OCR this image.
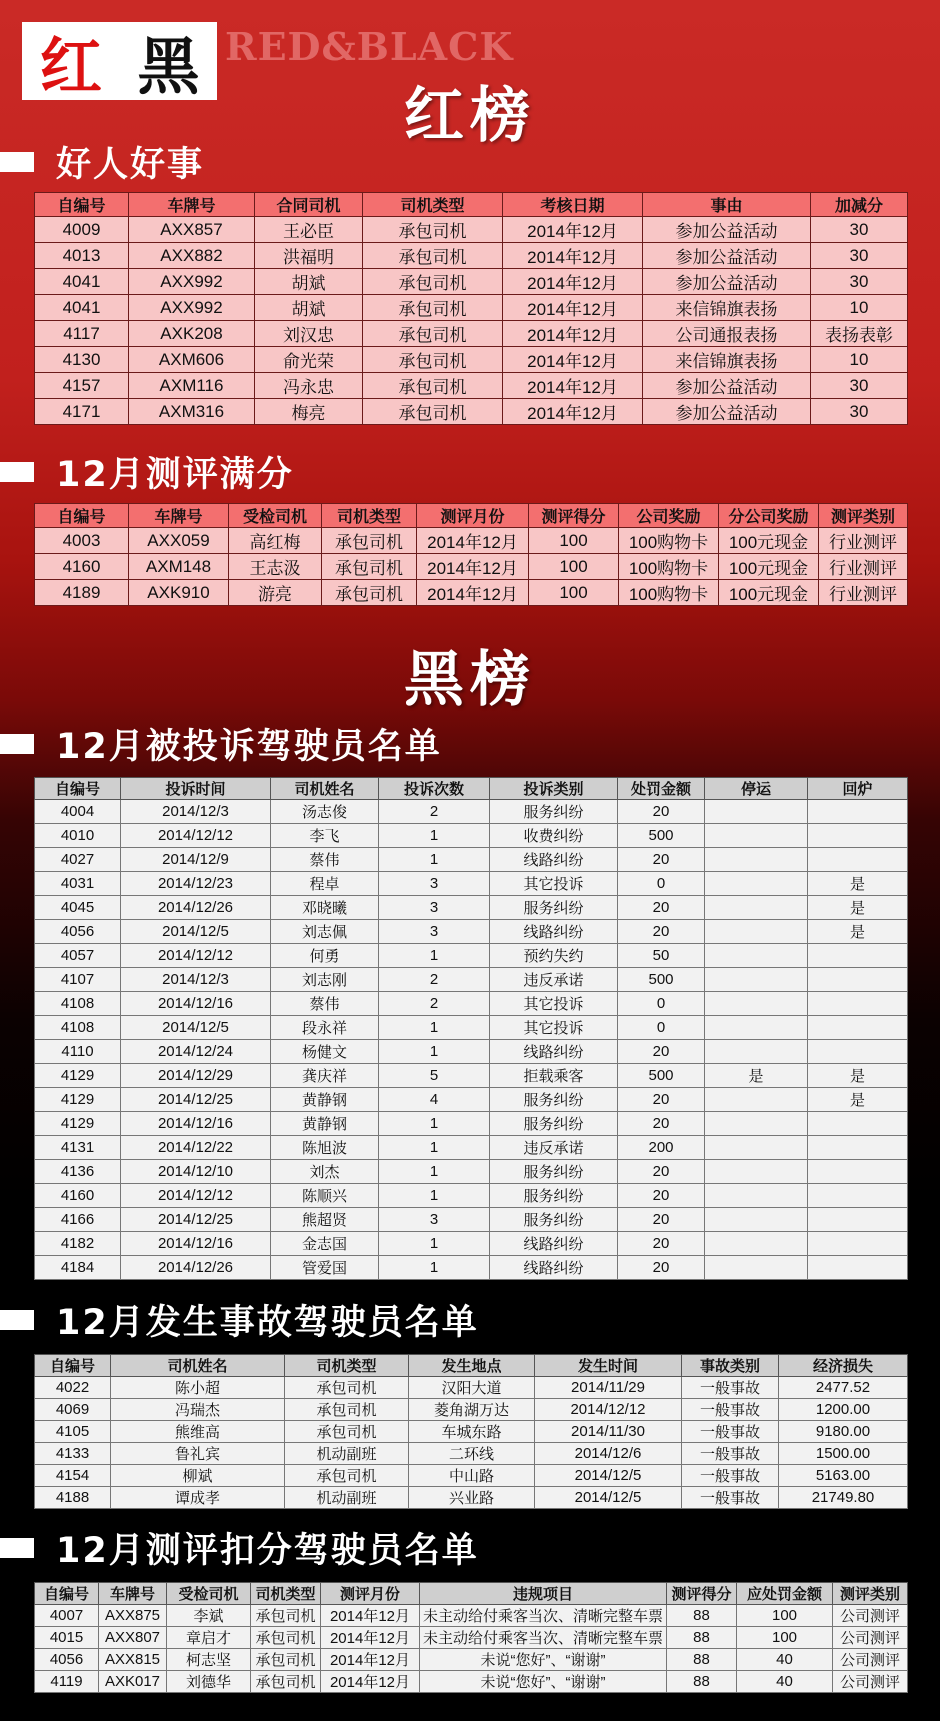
红 黑 RED&BLACK
红榜
好人好事
自编号	车牌号	合同司机	司机类型	考核日期	事由	加减分
4009	AXX857	王必臣	承包司机	2014年12月	参加公益活动	30
4013	AXX882	洪福明	承包司机	2014年12月	参加公益活动	30
4041	AXX992	胡斌	承包司机	2014年12月	参加公益活动	30
4041	AXX992	胡斌	承包司机	2014年12月	来信锦旗表扬	10
4117	AXK208	刘汉忠	承包司机	2014年12月	公司通报表扬	表扬表彰
4130	AXM606	俞光荣	承包司机	2014年12月	来信锦旗表扬	10
4157	AXM116	冯永忠	承包司机	2014年12月	参加公益活动	30
4171	AXM316	梅亮	承包司机	2014年12月	参加公益活动	30
12月测评满分
自编号	车牌号	受检司机	司机类型	测评月份	测评得分	公司奖励	分公司奖励	测评类别
4003	AXX059	高红梅	承包司机	2014年12月	100	100购物卡	100元现金	行业测评
4160	AXM148	王志汲	承包司机	2014年12月	100	100购物卡	100元现金	行业测评
4189	AXK910	游亮	承包司机	2014年12月	100	100购物卡	100元现金	行业测评
黑榜
12月被投诉驾驶员名单
自编号	投诉时间	司机姓名	投诉次数	投诉类别	处罚金额	停运	回炉
4004	2014/12/3	汤志俊	2	服务纠纷	20		
4010	2014/12/12	李飞	1	收费纠纷	500		
4027	2014/12/9	蔡伟	1	线路纠纷	20		
4031	2014/12/23	程卓	3	其它投诉	0		是
4045	2014/12/26	邓晓曦	3	服务纠纷	20		是
4056	2014/12/5	刘志佩	3	线路纠纷	20		是
4057	2014/12/12	何勇	1	预约失约	50		
4107	2014/12/3	刘志刚	2	违反承诺	500		
4108	2014/12/16	蔡伟	2	其它投诉	0		
4108	2014/12/5	段永祥	1	其它投诉	0		
4110	2014/12/24	杨健文	1	线路纠纷	20		
4129	2014/12/29	龚庆祥	5	拒载乘客	500	是	是
4129	2014/12/25	黄静钢	4	服务纠纷	20		是
4129	2014/12/16	黄静钢	1	服务纠纷	20		
4131	2014/12/22	陈旭波	1	违反承诺	200		
4136	2014/12/10	刘杰	1	服务纠纷	20		
4160	2014/12/12	陈顺兴	1	服务纠纷	20		
4166	2014/12/25	熊超贤	3	服务纠纷	20		
4182	2014/12/16	金志国	1	线路纠纷	20		
4184	2014/12/26	管爱国	1	线路纠纷	20		
12月发生事故驾驶员名单
自编号	司机姓名	司机类型	发生地点	发生时间	事故类别	经济损失
4022	陈小超	承包司机	汉阳大道	2014/11/29	一般事故	2477.52
4069	冯瑞杰	承包司机	菱角湖万达	2014/12/12	一般事故	1200.00
4105	熊维高	承包司机	车城东路	2014/11/30	一般事故	9180.00
4133	鲁礼宾	机动副班	二环线	2014/12/6	一般事故	1500.00
4154	柳斌	承包司机	中山路	2014/12/5	一般事故	5163.00
4188	谭成孝	机动副班	兴业路	2014/12/5	一般事故	21749.80
12月测评扣分驾驶员名单
自编号	车牌号	受检司机	司机类型	测评月份	违规项目	测评得分	应处罚金额	测评类别
4007	AXX875	李斌	承包司机	2014年12月	未主动给付乘客当次、清晰完整车票	88	100	公司测评
4015	AXX807	章启才	承包司机	2014年12月	未主动给付乘客当次、清晰完整车票	88	100	公司测评
4056	AXX815	柯志坚	承包司机	2014年12月	未说“您好”、“谢谢”	88	40	公司测评
4119	AXK017	刘德华	承包司机	2014年12月	未说“您好”、“谢谢”	88	40	公司测评
